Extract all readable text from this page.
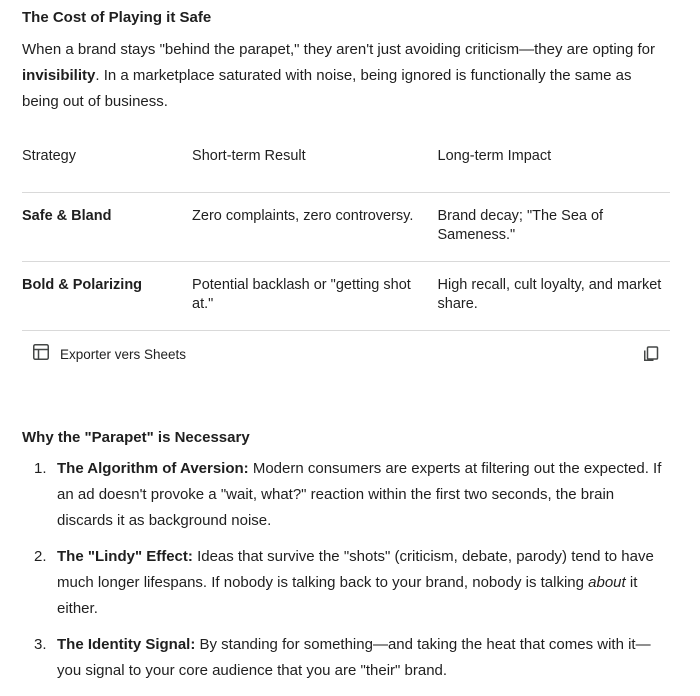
The Cost of Playing it Safe

When a brand stays "behind the parapet," they aren't just avoiding criticism—they are opting for invisibility. In a marketplace saturated with noise, being ignored is functionally the same as being out of business.

Strategy	Short-term Result	Long-term Impact
Safe & Bland	Zero complaints, zero controversy.	Brand decay; "The Sea of Sameness."
Bold & Polarizing	Potential backlash or "getting shot at."	High recall, cult loyalty, and market share.
Exporter vers Sheets
Why the "Parapet" is Necessary
1. The Algorithm of Aversion: Modern consumers are experts at filtering out the expected. If an ad doesn't provoke a "wait, what?" reaction within the first two seconds, the brain discards it as background noise.
2. The "Lindy" Effect: Ideas that survive the "shots" (criticism, debate, parody) tend to have much longer lifespans. If nobody is talking back to your brand, nobody is talking about it either.
3. The Identity Signal: By standing for something—and taking the heat that comes with it—you signal to your core audience that you are "their" brand.
